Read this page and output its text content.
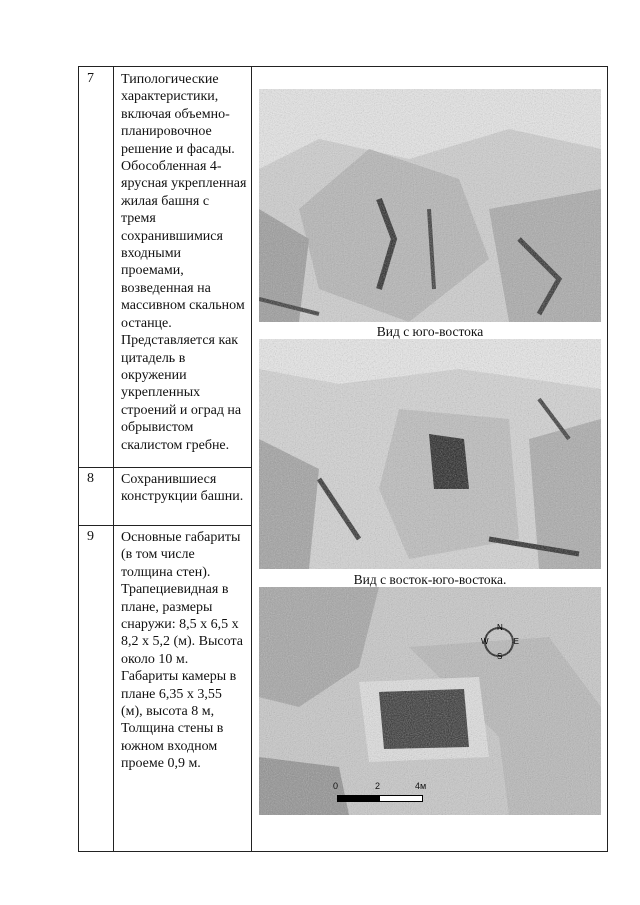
7 Типологические характеристики, включая объемно-планировочное решение и фасады. Обособленная 4-ярусная укрепленная жилая башня с тремя сохранившимися входными проемами, возведенная на массивном скальном останце. Представляется как цитадель в окружении укрепленных строений и оград на обрывистом скалистом гребне.
8 Сохранившиеся конструкции башни.
9 Основные габариты (в том числе толщина стен). Трапециевидная в плане, размеры снаружи: 8,5 х 6,5 х 8,2 х 5,2 (м). Высота около 10 м. Габариты камеры в плане 6,35 х 3,55 (м), высота 8 м, Толщина стены в южном входном проеме 0,9 м.
Вид с юго-востока
Вид с восток-юго-востока.
N
E
S
W
0	2	4м
